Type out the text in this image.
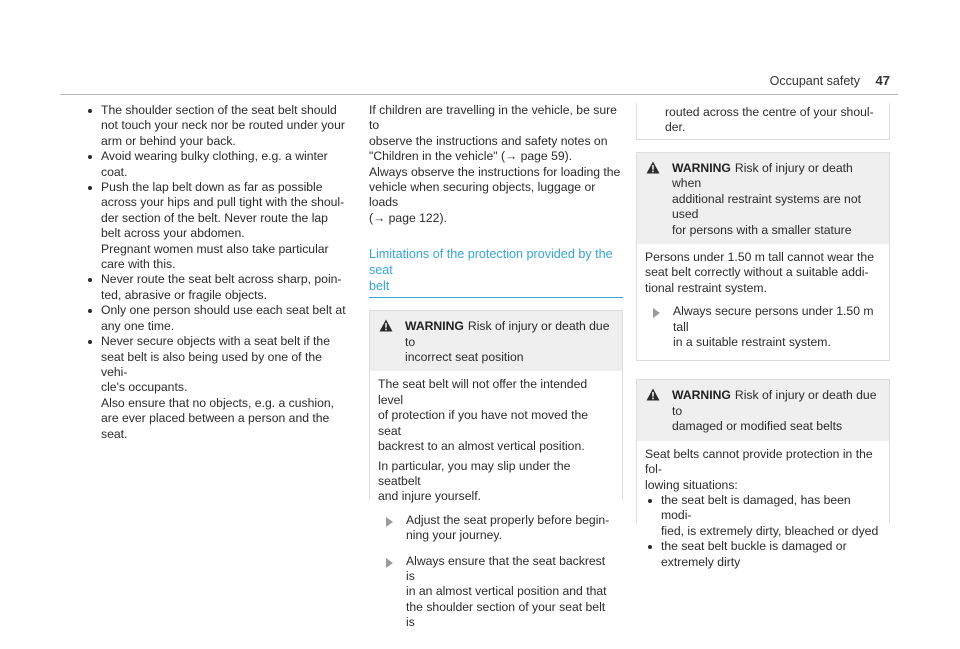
Occupant safety 47
The shoulder section of the seat belt should
not touch your neck nor be routed under your
arm or behind your back.
Avoid wearing bulky clothing, e.g. a winter
coat.
Push the lap belt down as far as possible
across your hips and pull tight with the shoul-
der section of the belt. Never route the lap
belt across your abdomen.
Pregnant women must also take particular
care with this.
Never route the seat belt across sharp, poin-
ted, abrasive or fragile objects.
Only one person should use each seat belt at
any one time.
Never secure objects with a seat belt if the
seat belt is also being used by one of the vehi-
cle's occupants.
Also ensure that no objects, e.g. a cushion,
are ever placed between a person and the
seat.

If children are travelling in the vehicle, be sure to
observe the instructions and safety notes on
"Children in the vehicle" (→ page 59).

Always observe the instructions for loading the
vehicle when securing objects, luggage or loads
(→ page 122).

Limitations of the protection provided by the seat
belt
WARNING Risk of injury or death due to
incorrect seat position

The seat belt will not offer the intended level
of protection if you have not moved the seat
backrest to an almost vertical position.

In particular, you may slip under the seatbelt
and injure yourself.

Adjust the seat properly before begin-
ning your journey.
Always ensure that the seat backrest is
in an almost vertical position and that
the shoulder section of your seat belt is
routed across the centre of your shoul-
der.
WARNING Risk of injury or death when
additional restraint systems are not used
for persons with a smaller stature

Persons under 1.50 m tall cannot wear the
seat belt correctly without a suitable addi-
tional restraint system.

Always secure persons under 1.50 m tall
in a suitable restraint system.
WARNING Risk of injury or death due to
damaged or modified seat belts

Seat belts cannot provide protection in the fol-
lowing situations:

the seat belt is damaged, has been modi-
fied, is extremely dirty, bleached or dyed
the seat belt buckle is damaged or
extremely dirty
